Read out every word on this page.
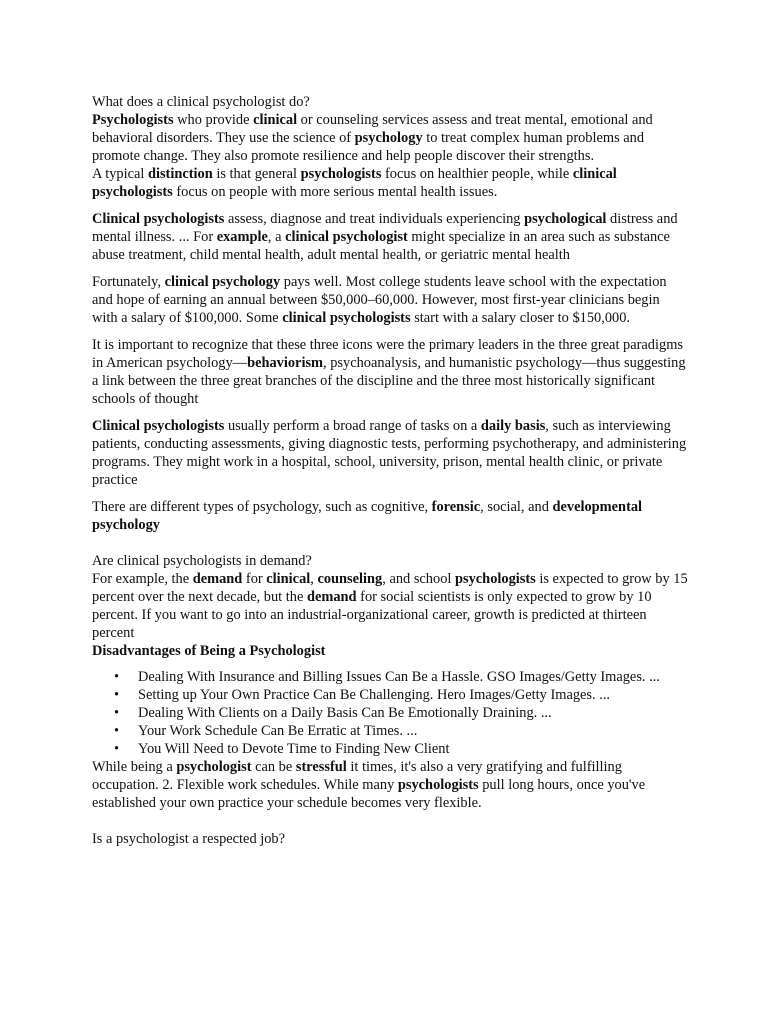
What does a clinical psychologist do?

Psychologists who provide clinical or counseling services assess and treat mental, emotional and behavioral disorders. They use the science of psychology to treat complex human problems and promote change. They also promote resilience and help people discover their strengths.

A typical distinction is that general psychologists focus on healthier people, while clinical psychologists focus on people with more serious mental health issues.

Clinical psychologists assess, diagnose and treat individuals experiencing psychological distress and mental illness. ... For example, a clinical psychologist might specialize in an area such as substance abuse treatment, child mental health, adult mental health, or geriatric mental health

Fortunately, clinical psychology pays well. Most college students leave school with the expectation and hope of earning an annual between $50,000–60,000. However, most first-year clinicians begin with a salary of $100,000. Some clinical psychologists start with a salary closer to $150,000.

It is important to recognize that these three icons were the primary leaders in the three great paradigms in American psychology—behaviorism, psychoanalysis, and humanistic psychology—thus suggesting a link between the three great branches of the discipline and the three most historically significant schools of thought

Clinical psychologists usually perform a broad range of tasks on a daily basis, such as interviewing patients, conducting assessments, giving diagnostic tests, performing psychotherapy, and administering programs. They might work in a hospital, school, university, prison, mental health clinic, or private practice

There are different types of psychology, such as cognitive, forensic, social, and developmental psychology

Are clinical psychologists in demand?

For example, the demand for clinical, counseling, and school psychologists is expected to grow by 15 percent over the next decade, but the demand for social scientists is only expected to grow by 10 percent. If you want to go into an industrial-organizational career, growth is predicted at thirteen percent

Disadvantages of Being a Psychologist

• Dealing With Insurance and Billing Issues Can Be a Hassle. GSO Images/Getty Images. ...
• Setting up Your Own Practice Can Be Challenging. Hero Images/Getty Images. ...
• Dealing With Clients on a Daily Basis Can Be Emotionally Draining. ...
• Your Work Schedule Can Be Erratic at Times. ...
• You Will Need to Devote Time to Finding New Client

While being a psychologist can be stressful it times, it's also a very gratifying and fulfilling occupation. 2. Flexible work schedules. While many psychologists pull long hours, once you've established your own practice your schedule becomes very flexible.

Is a psychologist a respected job?
